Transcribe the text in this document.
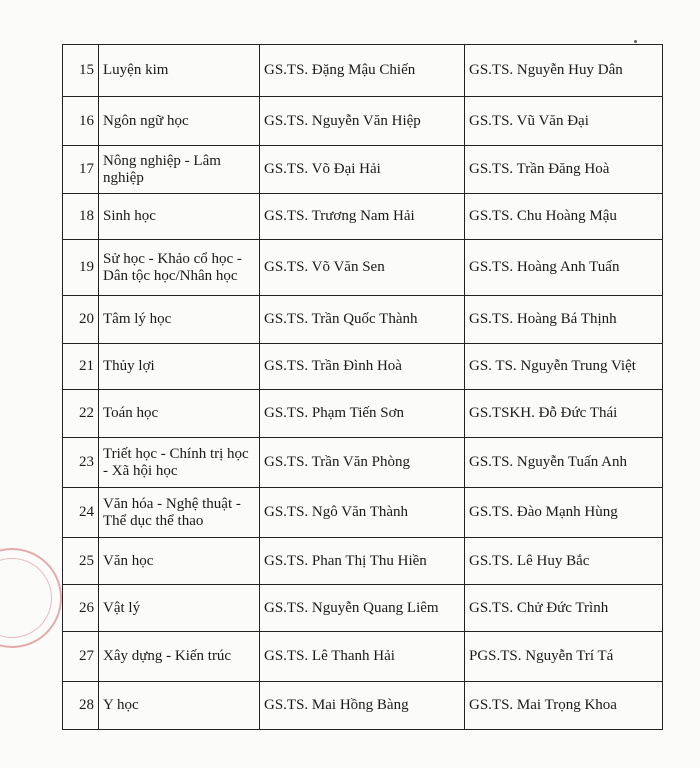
15	Luyện kim	GS.TS. Đặng Mậu Chiến	GS.TS. Nguyễn Huy Dân
16	Ngôn ngữ học	GS.TS. Nguyễn Văn Hiệp	GS.TS. Vũ Văn Đại
17	Nông nghiệp - Lâm nghiệp	GS.TS. Võ Đại Hải	GS.TS. Trần Đăng Hoà
18	Sinh học	GS.TS. Trương Nam Hải	GS.TS. Chu Hoàng Mậu
19	Sử học - Khảo cổ học - Dân tộc học/Nhân học	GS.TS. Võ Văn Sen	GS.TS. Hoàng Anh Tuấn
20	Tâm lý học	GS.TS. Trần Quốc Thành	GS.TS. Hoàng Bá Thịnh
21	Thủy lợi	GS.TS. Trần Đình Hoà	GS. TS. Nguyễn Trung Việt
22	Toán học	GS.TS. Phạm Tiến Sơn	GS.TSKH. Đỗ Đức Thái
23	Triết học - Chính trị học - Xã hội học	GS.TS. Trần Văn Phòng	GS.TS. Nguyễn Tuấn Anh
24	Văn hóa - Nghệ thuật - Thể dục thể thao	GS.TS. Ngô Văn Thành	GS.TS. Đào Mạnh Hùng
25	Văn học	GS.TS. Phan Thị Thu Hiền	GS.TS. Lê Huy Bắc
26	Vật lý	GS.TS. Nguyễn Quang Liêm	GS.TS. Chử Đức Trình
27	Xây dựng - Kiến trúc	GS.TS. Lê Thanh Hải	PGS.TS. Nguyễn Trí Tá
28	Y học	GS.TS. Mai Hồng Bàng	GS.TS. Mai Trọng Khoa
